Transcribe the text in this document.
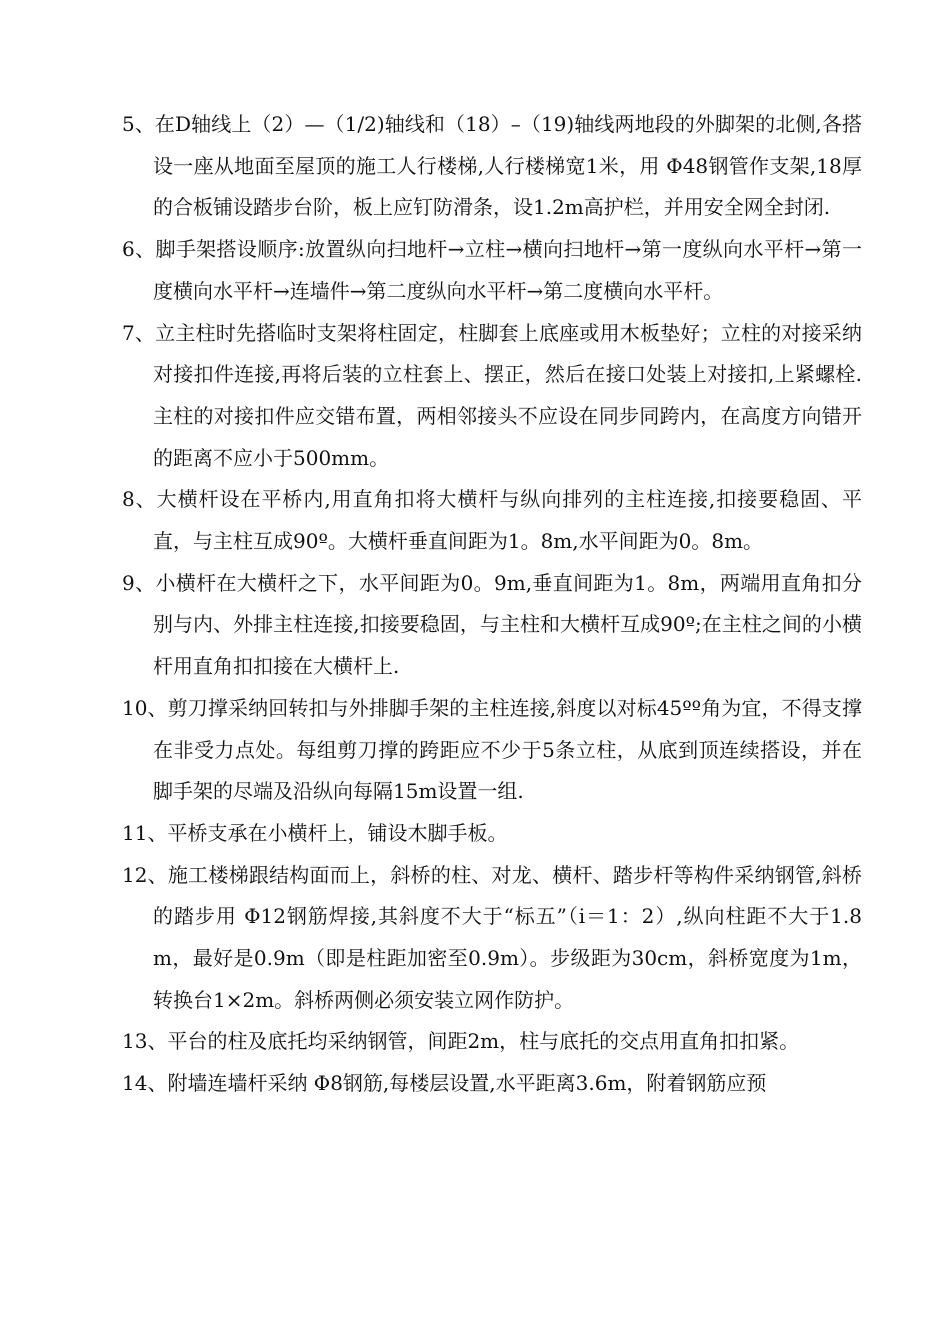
5、在D轴线上（2）—（1/2)轴线和（18）–（19)轴线两地段的外脚架的北侧,各搭设一座从地面至屋顶的施工人行楼梯,人行楼梯宽1米，用 Φ48钢管作支架,18厚的合板铺设踏步台阶，板上应钉防滑条，设1.2m高护栏，并用安全网全封闭.

6、脚手架搭设顺序:放置纵向扫地杆→立柱→横向扫地杆→第一度纵向水平杆→第一度横向水平杆→连墙件→第二度纵向水平杆→第二度横向水平杆。

7、立主柱时先搭临时支架将柱固定，柱脚套上底座或用木板垫好；立柱的对接采纳对接扣件连接,再将后装的立柱套上、摆正，然后在接口处装上对接扣,上紧螺栓.主柱的对接扣件应交错布置，两相邻接头不应设在同步同跨内，在高度方向错开的距离不应小于500mm。

8、大横杆设在平桥内,用直角扣将大横杆与纵向排列的主柱连接,扣接要稳固、平直，与主柱互成90º。大横杆垂直间距为1。8m,水平间距为0。8m。

9、小横杆在大横杆之下，水平间距为0。9m,垂直间距为1。8m，两端用直角扣分别与内、外排主柱连接,扣接要稳固，与主柱和大横杆互成90º;在主柱之间的小横杆用直角扣扣接在大横杆上.

10、剪刀撑采纳回转扣与外排脚手架的主柱连接,斜度以对标45ºº角为宜，不得支撑在非受力点处。每组剪刀撑的跨距应不少于5条立柱，从底到顶连续搭设，并在脚手架的尽端及沿纵向每隔15m设置一组.

11、平桥支承在小横杆上，铺设木脚手板。

12、施工楼梯跟结构面而上，斜桥的柱、对龙、横杆、踏步杆等构件采纳钢管,斜桥的踏步用 Φ12钢筋焊接,其斜度不大于“标五”（i＝1：2）,纵向柱距不大于1.8m，最好是0.9m（即是柱距加密至0.9m）。步级距为30cm，斜桥宽度为1m，转换台1×2m。斜桥两侧必须安装立网作防护。

13、平台的柱及底托均采纳钢管，间距2m，柱与底托的交点用直角扣扣紧。

14、附墙连墙杆采纳 Φ8钢筋,每楼层设置,水平距离3.6m，附着钢筋应预
